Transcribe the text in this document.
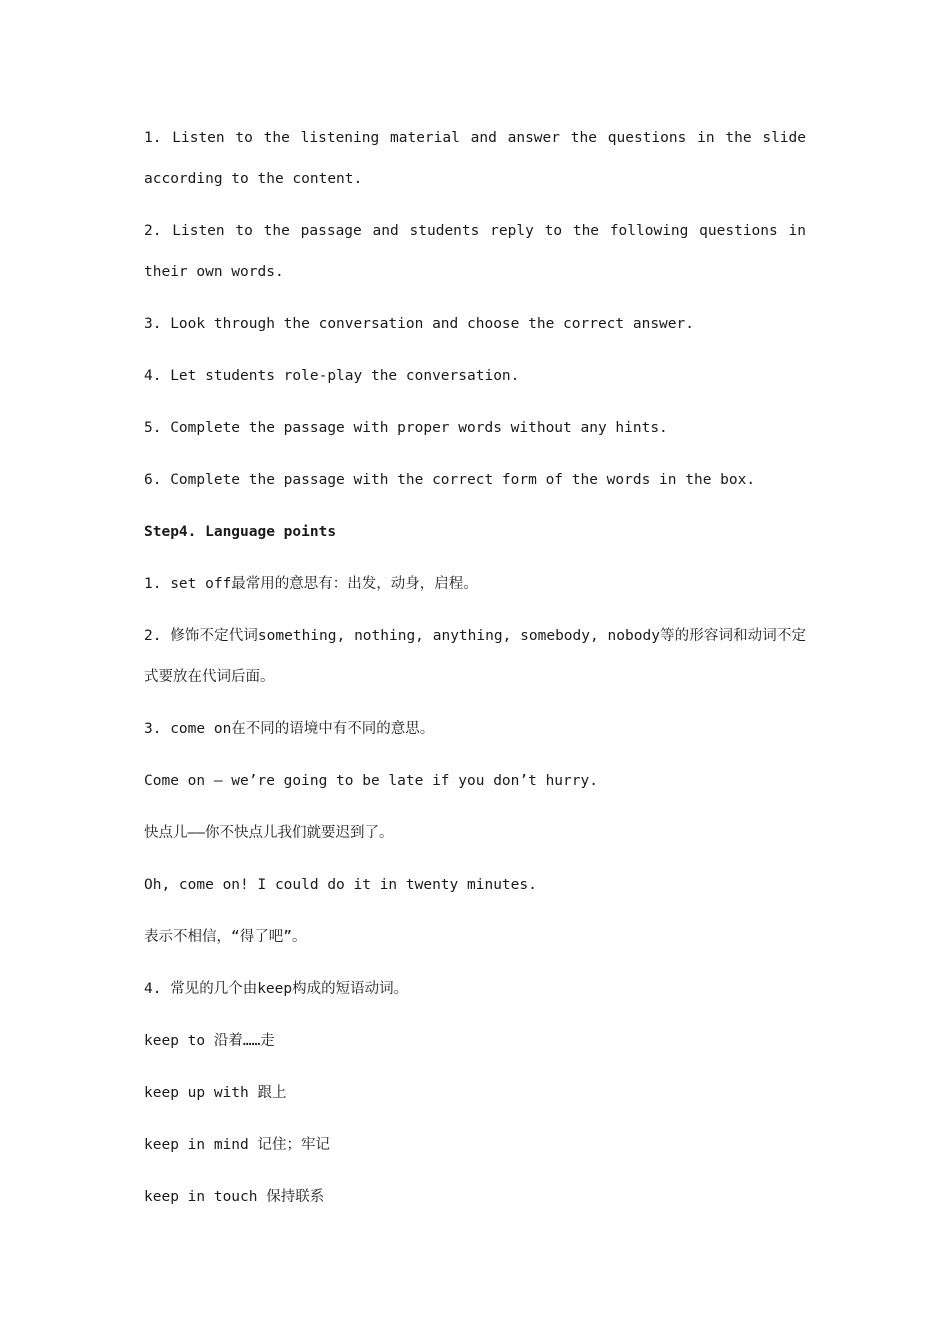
1. Listen to the listening material and answer the questions in the slide according to the content.

2. Listen to the passage and students reply to the following questions in their own words.

3. Look through the conversation and choose the correct answer.

4. Let students role-play the conversation.

5. Complete the passage with proper words without any hints.

6. Complete the passage with the correct form of the words in the box.

Step4. Language points

1. set off最常用的意思有：出发，动身，启程。

2. 修饰不定代词something, nothing, anything, somebody, nobody等的形容词和动词不定式要放在代词后面。

3. come on在不同的语境中有不同的意思。

Come on — we’re going to be late if you don’t hurry.

快点儿——你不快点儿我们就要迟到了。

Oh, come on! I could do it in twenty minutes.

表示不相信，“得了吧”。

4. 常见的几个由keep构成的短语动词。

keep to 沿着……走

keep up with 跟上

keep in mind 记住；牢记

keep in touch 保持联系
